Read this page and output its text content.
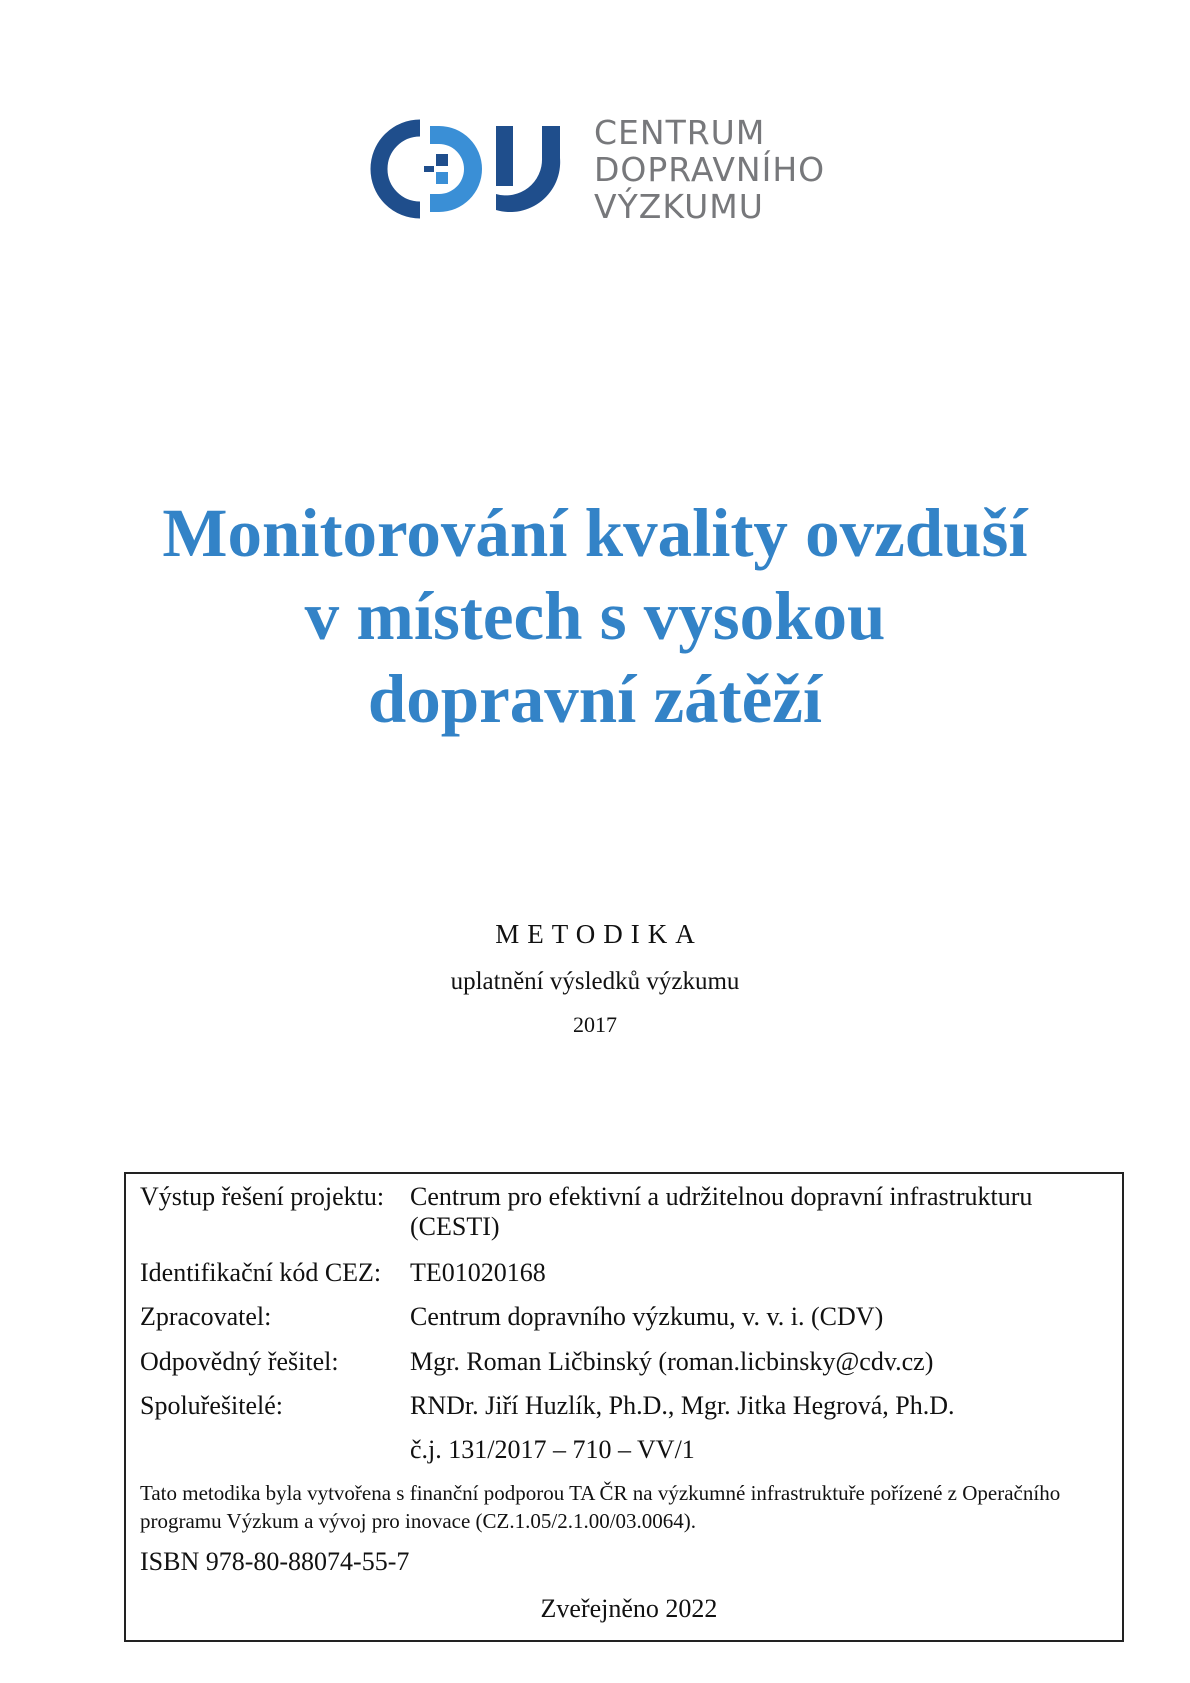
CENTRUM
DOPRAVNÍHO
VÝZKUMU
Monitorování kvality ovzduší
v místech s vysokou
dopravní zátěží
METODIKA
uplatnění výsledků výzkumu
2017
Výstup řešení projektu: Centrum pro efektivní a udržitelnou dopravní infrastrukturu (CESTI)
Identifikační kód CEZ: TE01020168
Zpracovatel:	Centrum dopravního výzkumu, v. v. i. (CDV)
Odpovědný řešitel:	Mgr. Roman Ličbinský (roman.licbinsky@cdv.cz)
Spoluřešitelé:	RNDr. Jiří Huzlík, Ph.D., Mgr. Jitka Hegrová, Ph.D.
č.j. 131/2017 – 710 – VV/1
Tato metodika byla vytvořena s finanční podporou TA ČR na výzkumné infrastruktuře pořízené z Operačního programu Výzkum a vývoj pro inovace (CZ.1.05/2.1.00/03.0064).
ISBN 978-80-88074-55-7
Zveřejněno 2022
